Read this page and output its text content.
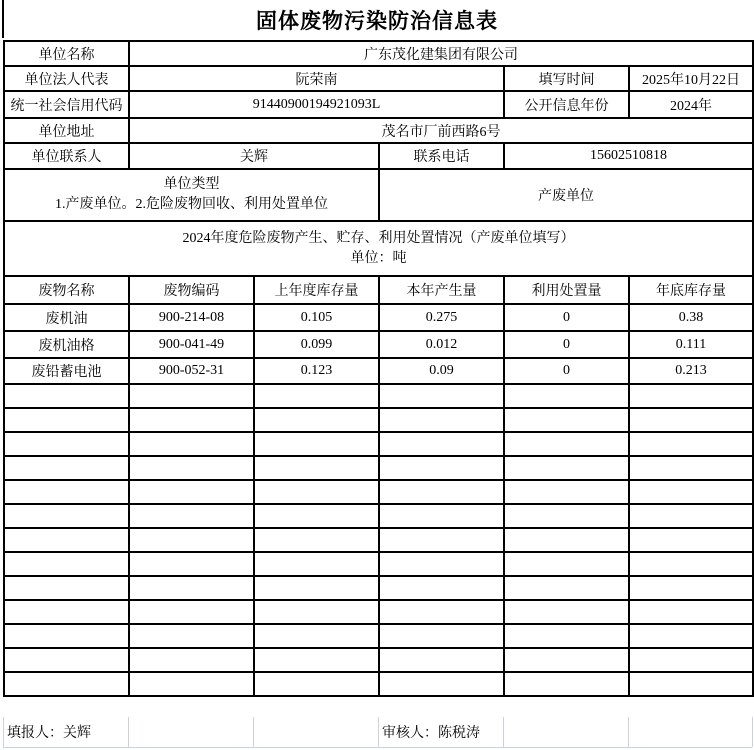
固体废物污染防治信息表
单位名称	广东茂化建集团有限公司				
单位法人代表	阮荣南			填写时间	2025年10月22日
统一社会信用代码	91440900194921093L			公开信息年份	2024年
单位地址	茂名市厂前西路6号				
单位联系人	关辉		联系电话	15602510818	

单位类型
1.产废单位。2.危险废物回收、利用处置单位			产废单位		

2024年度危险废物产生、贮存、利用处置情况（产废单位填写）
单位：吨					

废物名称	废物编码	上年度库存量	本年产生量	利用处置量	年底库存量
废机油	900-214-08	0.105	0.275	0	0.38
废机油格	900-041-49	0.099	0.012	0	0.111
废铅蓄电池	900-052-31	0.123	0.09	0	0.213

填报人：关辉	审核人：陈税涛
